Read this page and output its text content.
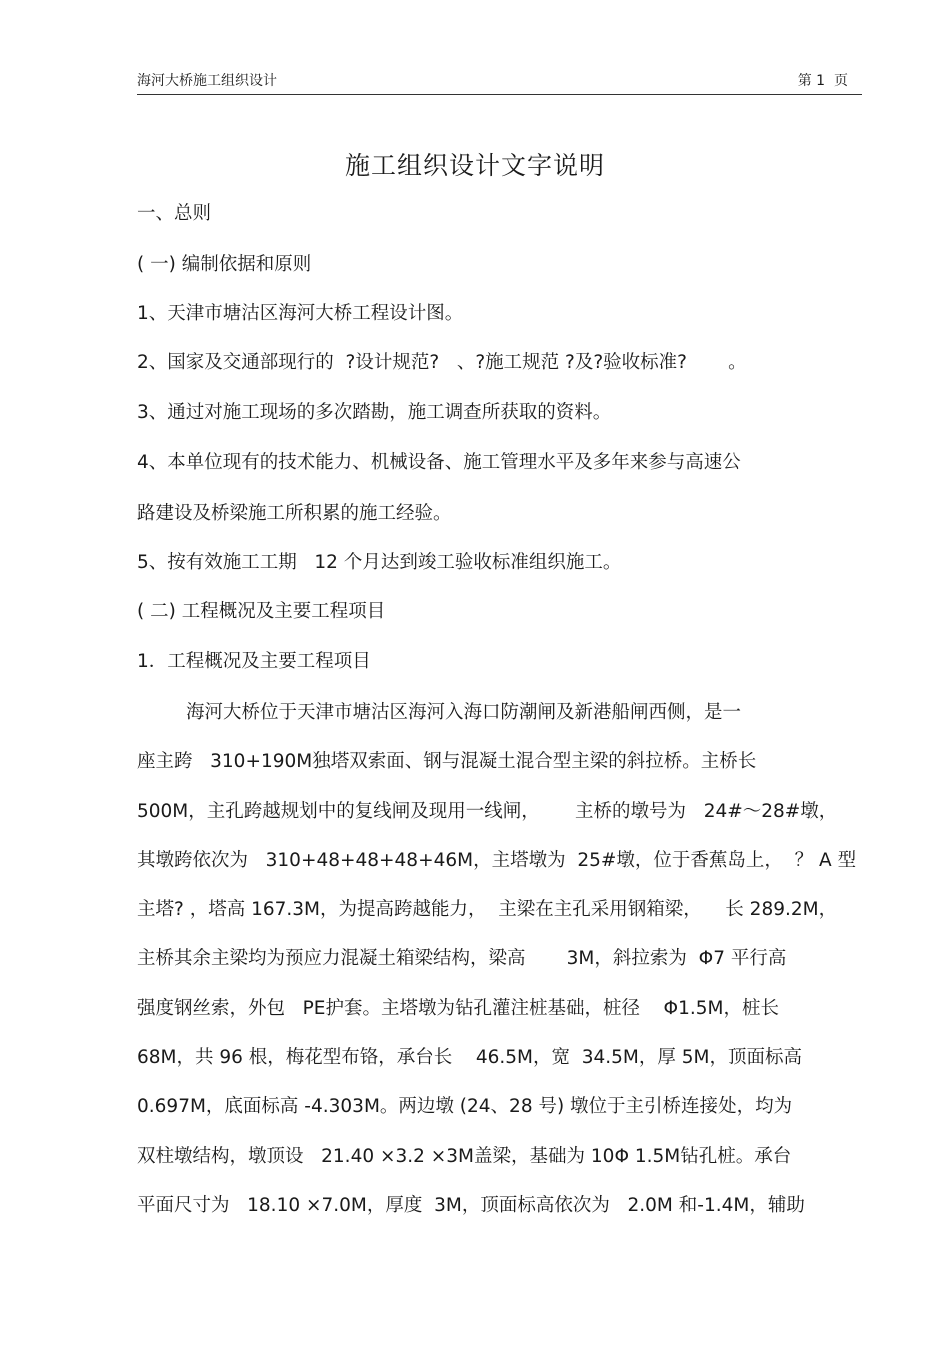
海河大桥施工组织设计	第 1  页
施工组织设计文字说明
一、总则
( 一) 编制依据和原则
1、天津市塘沽区海河大桥工程设计图。
2、国家及交通部现行的  ?设计规范?   、?施工规范 ?及?验收标准?       。
3、通过对施工现场的多次踏勘，施工调查所获取的资料。
4、本单位现有的技术能力、机械设备、施工管理水平及多年来参与高速公
路建设及桥梁施工所积累的施工经验。
5、按有效施工工期   12 个月达到竣工验收标准组织施工。
( 二) 工程概况及主要工程项目
1．工程概况及主要工程项目
海河大桥位于天津市塘沽区海河入海口防潮闸及新港船闸西侧，是一
座主跨   310+190M独塔双索面、钢与混凝土混合型主梁的斜拉桥。主桥长
500M，主孔跨越规划中的复线闸及现用一线闸，      主桥的墩号为   24#～28#墩，
其墩跨依次为   310+48+48+48+46M，主塔墩为  25#墩，位于香蕉岛上，  ？ A 型
主塔? ，塔高 167.3M，为提高跨越能力，  主梁在主孔采用钢箱梁，    长 289.2M，
主桥其余主梁均为预应力混凝土箱梁结构，梁高       3M，斜拉索为  Φ7 平行高
强度钢丝索，外包   PE护套。主塔墩为钻孔灌注桩基础，桩径    Φ1.5M，桩长
68M，共 96 根，梅花型布铬，承台长    46.5M，宽  34.5M，厚 5M，顶面标高
0.697M，底面标高 -4.303M。两边墩 (24、28 号) 墩位于主引桥连接处，均为
双柱墩结构，墩顶设   21.40 ×3.2 ×3M盖梁，基础为 10Φ 1.5M钻孔桩。承台
平面尺寸为   18.10 ×7.0M，厚度  3M，顶面标高依次为   2.0M 和-1.4M，辅助
